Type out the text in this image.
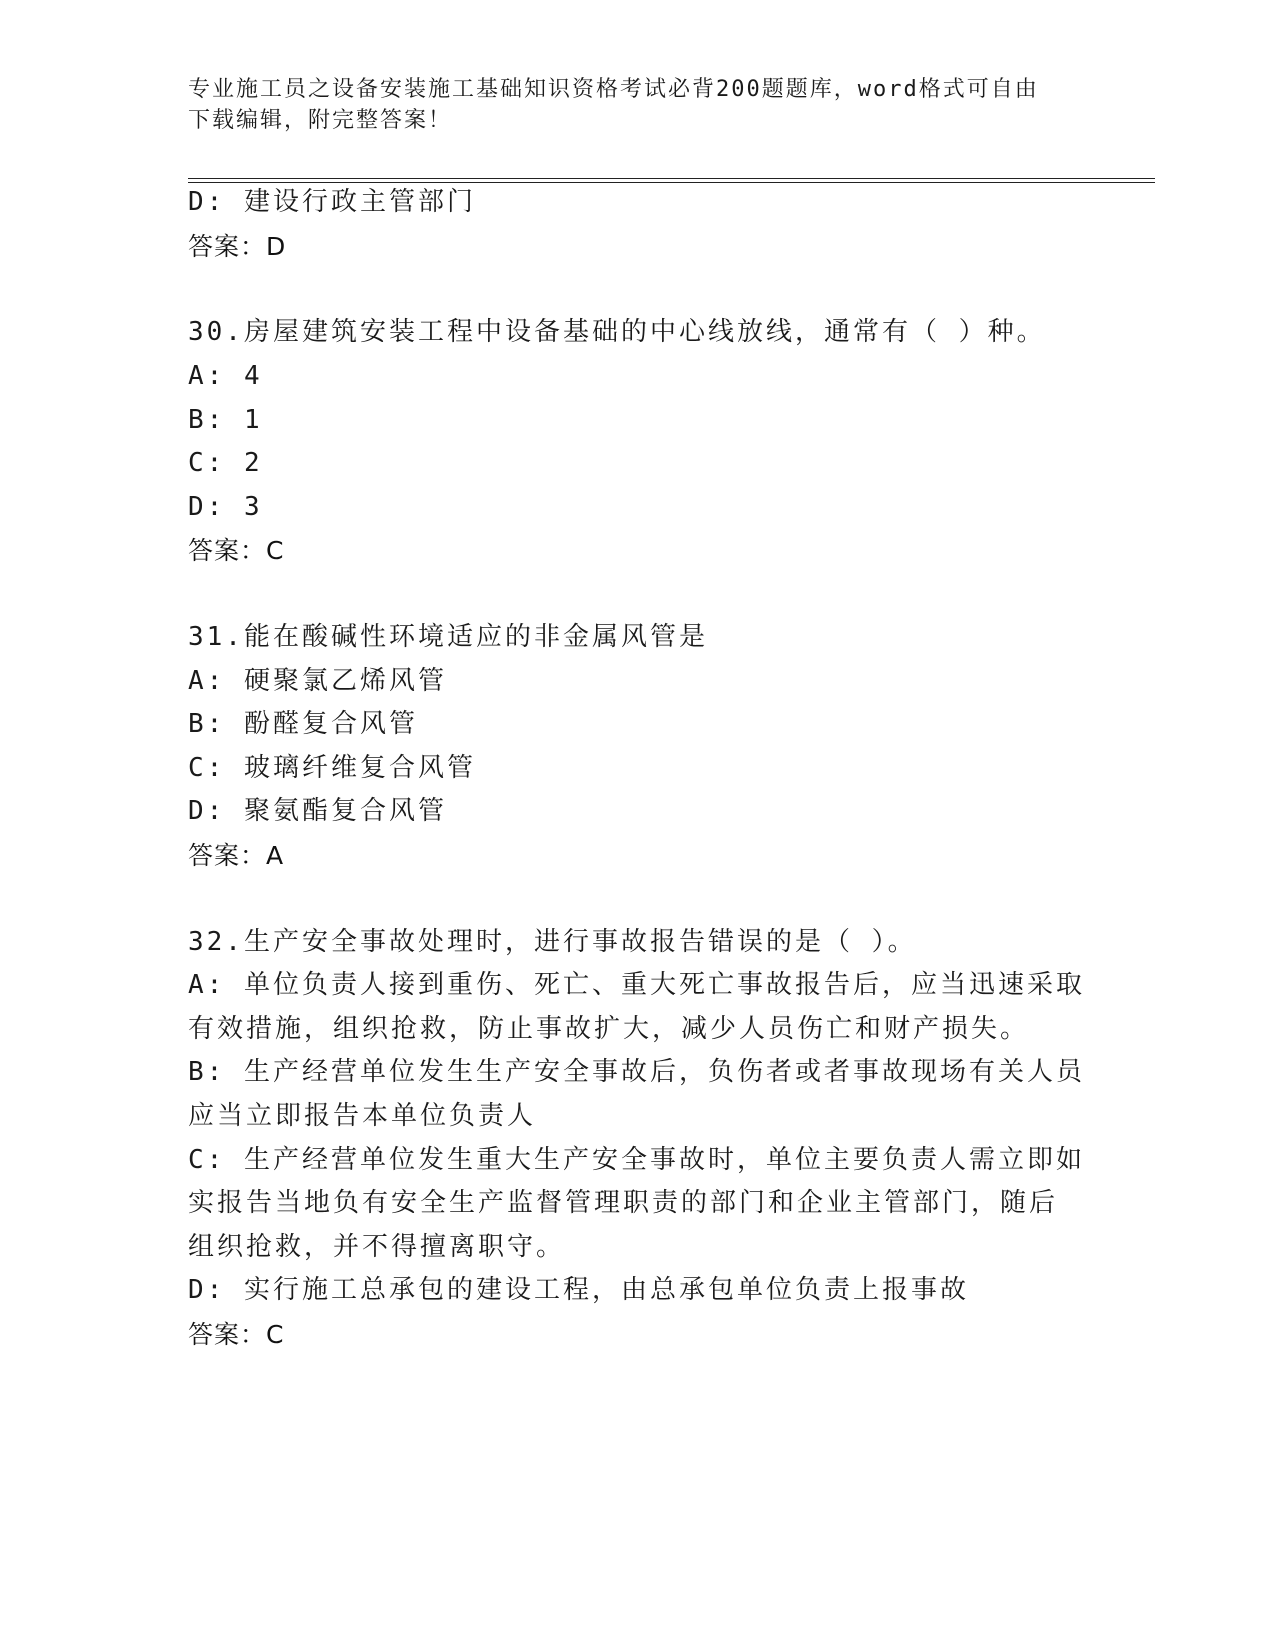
专业施工员之设备安装施工基础知识资格考试必背200题题库，word格式可自由
下载编辑，附完整答案！
D: 建设行政主管部门
答案：D
30.房屋建筑安装工程中设备基础的中心线放线，通常有（ ）种。
A: 4
B: 1
C: 2
D: 3
答案：C
31.能在酸碱性环境适应的非金属风管是
A: 硬聚氯乙烯风管
B: 酚醛复合风管
C: 玻璃纤维复合风管
D: 聚氨酯复合风管
答案：A
32.生产安全事故处理时，进行事故报告错误的是（ ）。
A: 单位负责人接到重伤、死亡、重大死亡事故报告后，应当迅速采取
有效措施，组织抢救，防止事故扩大，减少人员伤亡和财产损失。
B: 生产经营单位发生生产安全事故后，负伤者或者事故现场有关人员
应当立即报告本单位负责人
C: 生产经营单位发生重大生产安全事故时，单位主要负责人需立即如
实报告当地负有安全生产监督管理职责的部门和企业主管部门，随后
组织抢救，并不得擅离职守。
D: 实行施工总承包的建设工程，由总承包单位负责上报事故
答案：C
